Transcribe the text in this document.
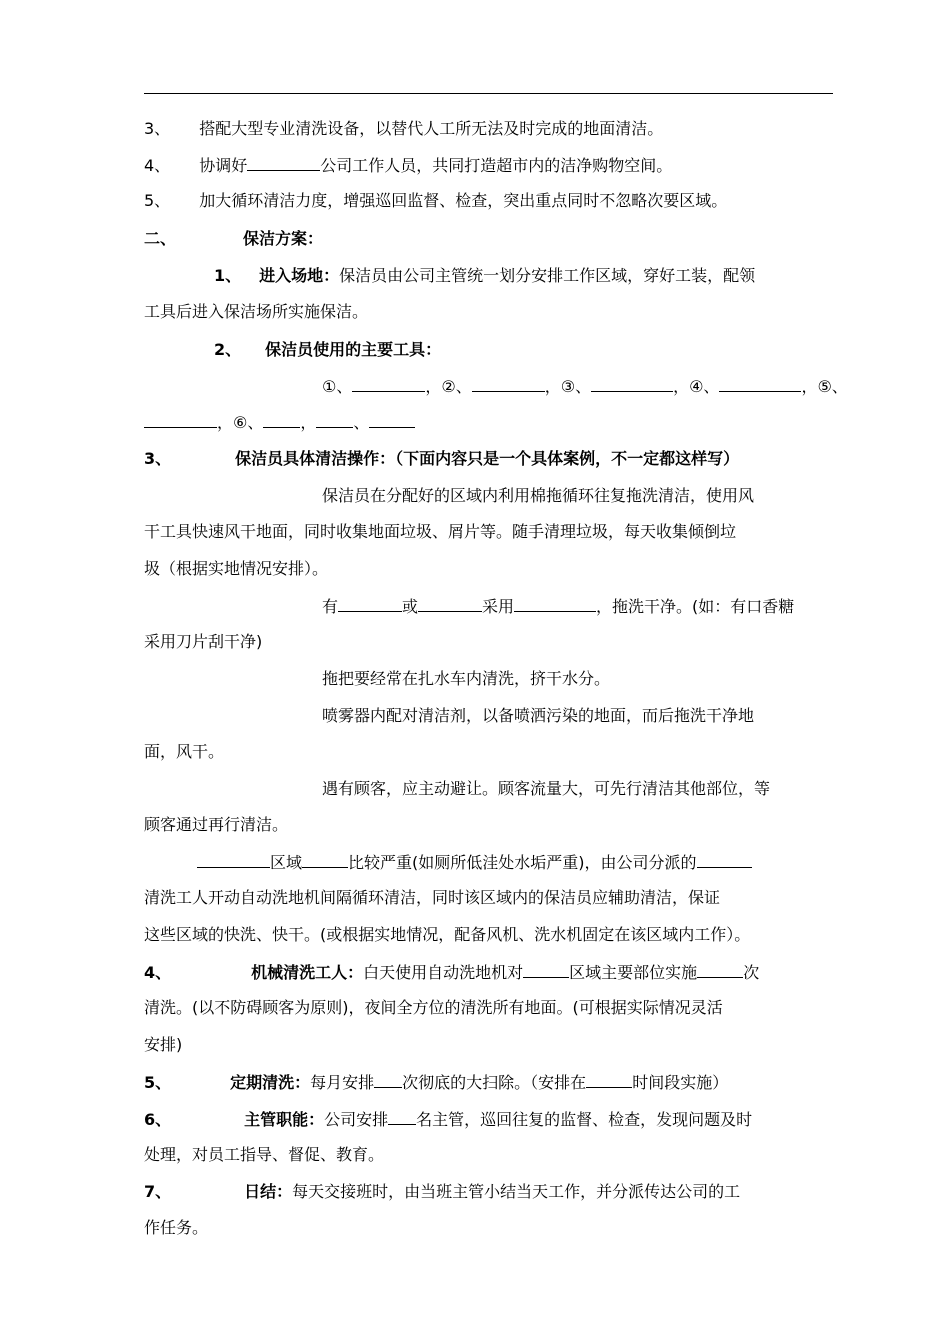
3、 搭配大型专业清洗设备，以替代人工所无法及时完成的地面清洁。
4、 协调好	公司工作人员，共同打造超市内的洁净购物空间。
5、 加大循环清洁力度，增强巡回监督、检查，突出重点同时不忽略次要区域。
二、	保洁方案：
1、 进入场地：保洁员由公司主管统一划分安排工作区域，穿好工装，配领
工具后进入保洁场所实施保洁。
2、 保洁员使用的主要工具：
①、	，②、	，③、	，④、	，⑤、
，⑥、 ， 、
3、	保洁员具体清洁操作：（下面内容只是一个具体案例，不一定都这样写）
保洁员在分配好的区域内利用棉拖循环往复拖洗清洁，使用风
干工具快速风干地面，同时收集地面垃圾、屑片等。随手清理垃圾，每天收集倾倒垃
圾（根据实地情况安排）。
有	或	采用	，拖洗干净。(如：有口香糖
采用刀片刮干净)
拖把要经常在扎水车内清洗，挤干水分。
喷雾器内配对清洁剂，以备喷洒污染的地面，而后拖洗干净地
面，风干。
遇有顾客，应主动避让。顾客流量大，可先行清洁其他部位，等
顾客通过再行清洁。
区域	比较严重(如厕所低洼处水垢严重)，由公司分派的
清洗工人开动自动洗地机间隔循环清洁，同时该区域内的保洁员应辅助清洁，保证
这些区域的快洗、快干。(或根据实地情况，配备风机、洗水机固定在该区域内工作）。
4、	机械清洗工人：白天使用自动洗地机对	区域主要部位实施	次
清洗。(以不防碍顾客为原则)，夜间全方位的清洗所有地面。(可根据实际情况灵活
安排)
5、	定期清洗：每月安排 次彻底的大扫除。（安排在	时间段实施）
6、	主管职能：公司安排 名主管，巡回往复的监督、检查，发现问题及时
处理，对员工指导、督促、教育。
7、	日结：每天交接班时，由当班主管小结当天工作，并分派传达公司的工
作任务。
